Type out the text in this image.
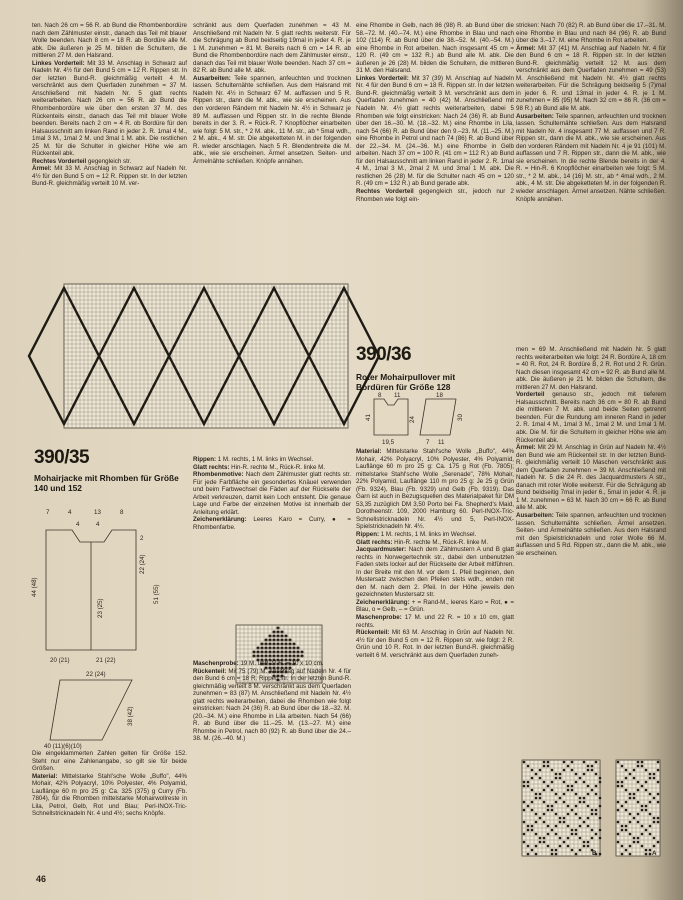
ten. Nach 26 cm = 56 R. ab Bund die Rhombenbordüre nach dem Zählmuster einstr., danach das Teil mit blauer Wolle beenden. Nach 8 cm = 18 R. ab Bordüre alle M. abk. Die äußeren je 25 M. bilden die Schultern, die mittleren 27 M. den Halsrand.

Linkes Vorderteil: Mit 33 M. Anschlag in Schwarz auf Nadeln Nr. 4½ für den Bund 5 cm = 12 R. Rippen str. In der letzten Bund-R. gleichmäßig verteilt 4 M. verschränkt aus dem Querfaden zunehmen = 37 M. Anschließend mit Nadeln Nr. 5 glatt rechts weiterarbeiten. Nach 26 cm = 56 R. ab Bund die Rhombenbordüre wie über den ersten 37 M. des Rückenteils einstr., danach das Teil mit blauer Wolle beenden. Bereits nach 2 cm = 4 R. ob Bordüre für den Halsausschnitt am linken Rand in jeder 2. R. 1mal 4 M., 1mal 3 M., 1mal 2 M. und 3mal 1 M. abk. Die restlichen 25 M. für die Schulter in gleicher Höhe wie am Rückenteil abk.

Rechtes Vorderteil gegengleich str.

Ärmel: Mit 33 M. Anschlag in Schwarz auf Nadeln Nr. 4½ für den Bund 5 cm = 12 R. Rippen str. In der letzten Bund-R. gleichmäßig verteilt 10 M. ver-

schränkt aus dem Querfaden zunehmen = 43 M. Anschließend mit Nadeln Nr. 5 glatt rechts weiterstr. Für die Schrägung ab Bund beidseitig 19mal in jeder 4. R. je 1 M. zunehmen = 81 M. Bereits nach 6 cm = 14 R. ab Bund die Rhombenbordüre nach dem Zählmuster einstr., danach das Teil mit blauer Wolle beenden. Nach 37 cm = 82 R. ab Bund alle M. abk.

Ausarbeiten: Teile spannen, anfeuchten und trocknen lassen. Schulternähte schließen. Aus dem Halsrand mit Nadeln Nr. 4½ in Schwarz 67 M. auffassen und 5 R. Rippen str., dann die M. abk., wie sie erscheinen. Aus den vorderen Rändern mit Nadeln Nr. 4½ in Schwarz je 89 M. auffassen und Rippen str. In die rechte Blende bereits in der 3. R. = Rück-R. 7 Knopflöcher einarbeiten wie folgt: 5 M. str., * 2 M. abk., 11 M. str., ab * 5mal wdh., 2 M. abk., 4 M. str. Die abgeketteten M. in der folgenden R. wieder anschlagen. Nach 5 R. Blendenbreite die M. abk., wie sie erscheinen. Ärmel ansetzen. Seiten- und Ärmelnähte schließen. Knöpfe annähen.

eine Rhombe in Gelb, nach 86 (98) R. ab Bund über die 58.–72. M. (40.–74. M.) eine Rhombe in Blau und nach 102 (114) R. ab Bund über die 38.–52. M. (40.–54. M.) eine Rhombe in Rot arbeiten. Nach insgesamt 45 cm = 120 R. (49 cm = 132 R.) ab Bund alle M. abk. Die äußeren je 26 (28) M. bilden die Schultern, die mittleren 31 M. den Halsrand.

Linkes Vorderteil: Mit 37 (39) M. Anschlag auf Nadeln Nr. 4 für den Bund 6 cm = 18 R. Rippen str. In der letzten Bund-R. gleichmäßig verteilt 3 M. verschränkt aus dem Querfaden zunehmen = 40 (42) M. Anschließend mit Nadeln Nr. 4½ glatt rechts weiterarbeiten, dabei 5 Rhomben wie folgt einstricken: Nach 24 (36) R. ab Bund über den 16.–30. M. (18.–32. M.) eine Rhombe in Lila, nach 54 (66) R. ab Bund über den 9.–23. M. (11.–25. M.) eine Rhombe in Petrol und nach 74 (86) R. ab Bund über der 22.–34. M. (24.–36. M.) eine Rhombe in Gelb arbeiten. Nach 37 cm = 100 R. (41 cm = 112 R.) ab Bund für den Halsausschnitt am linken Rand in jeder 2. R. 1mal 4 M., 1mal 3 M., 2mal 2 M. und 3mal 1 M. abk. Die restlichen 26 (28) M. für die Schulter nach 45 cm = 120 R. (49 cm = 132 R.) ab Bund gerade abk.

Rechtes Vorderteil gegengleich str., jedoch nur 2 Rhomben wie folgt ein-

stricken: Nach 70 (82) R. ab Bund über die 17.–31. M. eine Rhombe in Blau und nach 84 (96) R. ab Bund über die 3.–17. M. eine Rhombe in Rot arbeiten.

Ärmel: Mit 37 (41) M. Anschlag auf Nadeln Nr. 4 für den Bund 6 cm = 18 R. Rippen str. In der letzten Bund-R. gleichmäßig verteilt 12 M. aus dem verschränkt aus dem Querfaden zunehmen = 49 (53) M. Anschließend mit Nadeln Nr. 4½ glatt rechts weiterarbeiten. Für die Schrägung beidseitig 5 (7)mal in jeder 6. R. und 13mal in jeder 4. R. je 1 M. zunehmen = 85 (95) M. Nach 32 cm = 86 R. (36 cm = 98 R.) ab Bund alle M. abk.

Ausarbeiten: Teile spannen, anfeuchten und trocknen lassen. Schulternähte schließen. Aus dem Halsrand mit Nadeln Nr. 4 insgesamt 77 M. auffassen und 7 R. Rippen str., dann die M. abk., wie sie erscheinen. Aus den vorderen Rändern mit Nadeln Nr. 4 je 91 (101) M. auffassen und 7 R. Rippen str., dann die M. abk., wie sie erscheinen. In die rechte Blende bereits in der 4. R. = Hin-R. 6 Knopflöcher einarbeiten wie folgt: 5 M. str., * 2 M. abk., 14 (16) M. str., ab * 4mal wdh., 2 M. abk., 4 M. str. Die abgeketteten M. in der folgenden R. wieder anschlagen. Ärmel ansetzen. Nähte schließen. Knöpfe annähen.

390/35
Mohairjacke mit Rhomben für Größe 140 und 152
7	4	13	8
4	4
2
44 (48)
22 (24)
23 (25)
51 (55)
20 (21)	21 (22)
22 (24)
38 (42)
40 (11)(6)(10)

Die eingeklammerten Zahlen gelten für Größe 152. Steht nur eine Zahlenangabe, so gilt sie für beide Größen.

Material: Mittelstarke Stahl'sche Wolle „Buffo", 44% Mohair, 42% Polyacryl, 10% Polyester, 4% Polyamid, Lauflänge 60 m pro 25 g: Ca. 325 (375) g Curry (Fb. 7804), für die Rhomben mittelstarke Mohairwollreste in Lila, Petrol, Gelb, Rot und Blau; Perl-INOX-Tric-Schnellstricknadeln Nr. 4 und 4½; sechs Knöpfe.

Rippen: 1 M. rechts, 1 M. links im Wechsel.

Glatt rechts: Hin-R. rechte M., Rück-R. linke M.

Rhombenmotive: Nach dem Zählmuster glatt rechts str. Für jede Farbfläche ein gesondertes Knäuel verwenden und beim Farbwechsel die Fäden auf der Rückseite der Arbeit verkreuzen, damit kein Loch entsteht. Die genaue Lage und Farbe der einzelnen Motive ist innerhalb der Anleitung erklärt.

Zeichenerklärung: Leeres Karo = Curry, ● = Rhombenfarbe.

Maschenprobe: 19 M. und 27 R. = 10 x 10 cm.

Rückenteil: Mit 75 (79) M. Anschlag auf Nadeln Nr. 4 für den Bund 6 cm = 18 R. Rippen str. In der letzten Bund-R. gleichmäßig verteilt 8 M. verschränkt aus dem Querfaden zunehmen = 83 (87) M. Anschließend mit Nadeln Nr. 4½ glatt rechts weiterarbeiten, dabei die Rhomben wie folgt einstricken: Nach 24 (36) R. ab Bund über die 18.–32. M. (20.–34. M.) eine Rhombe in Lila arbeiten. Nach 54 (66) R. ab Bund über die 11.–25. M. (13.–27. M.) eine Rhombe in Petrol, nach 80 (92) R. ab Bund über die 24.–38. M. (26.–40. M.)

390/36
Roter Mohairpullover mit Bordüren für Größe 128
8 11	18
41	24	30
19,5	7 11

Material: Mittelstarke Stahl'sche Wolle „Buffo", 44% Mohair, 42% Polyacryl, 10% Polyester, 4% Polyamid, Lauflänge 60 m pro 25 g: Ca. 175 g Rot (Fb. 7805); mittelstarke Stahl'sche Wolle „Serenade", 78% Mohair, 22% Polyamid, Lauflänge 110 m pro 25 g: Je 25 g Grün (Fb. 9324), Blau (Fb. 9329) und Gelb (Fb. 9319). Das Garn ist auch in Bezugsquellen des Materialpaket für DM 53,35 zuzüglich DM 3,50 Porto bei Fa. Shepherd's Maid, Dorotheenstr. 109, 2000 Hamburg 60. Perl-INOX-Tric-Schnellstricknadeln Nr. 4½ und 5, Perl-INOX-Spielstricknadeln Nr. 4½.

Rippen: 1 M. rechts, 1 M. links im Wechsel.

Glatt rechts: Hin-R. rechte M., Rück-R. linke M.

Jacquardmuster: Nach dem Zählmustern A und B glatt rechts in Norwegertechnik str., dabei den unbenutzten Faden stets locker auf der Rückseite der Arbeit mitführen. In der Breite mit den M. vor dem 1. Pfeil beginnen, den Mustersatz zwischen den Pfeilen stets wdh., enden mit den M. nach dem 2. Pfeil. In der Höhe jeweils den gezeichneten Mustersatz str.

Zeichenerklärung: + = Rand-M., leeres Karo = Rot, ● = Blau, o = Gelb, – = Grün.

Maschenprobe: 17 M. und 22 R. = 10 x 10 cm, glatt rechts.

Rückenteil: Mit 63 M. Anschlag in Grün auf Nadeln Nr. 4½ für den Bund 5 cm = 12 R. Rippen str. wie folgt: 2 R. Grün und 10 R. Rot. In der letzten Bund-R. gleichmäßig verteilt 6 M. verschränkt aus dem Querfaden zuneh-

men = 69 M. Anschließend mit Nadeln Nr. 5 glatt rechts weiterarbeiten wie folgt: 24 R. Bordüre A, 18 cm = 40 R. Rot, 24 R. Bordüre B, 2 R. Rot und 2 R. Grün. Nach diesen insgesamt 42 cm = 92 R. ab Bund alle M. abk. Die äußeren je 21 M. bilden die Schultern, die mittleren 27 M. den Halsrand.

Vorderteil genauso str., jedoch mit tieferem Halsausschnitt. Bereits nach 36 cm = 80 R. ab Bund die mittleren 7 M. abk. und beide Seiten getrennt beenden. Für die Rundung am inneren Rand in jeder 2. R. 1mal 4 M., 1mal 3 M., 1mal 2 M. und 1mal 1 M. abk. Die M. für die Schultern in gleicher Höhe wie am Rückenteil abk.

Ärmel: Mit 29 M. Anschlag in Grün auf Nadeln Nr. 4½ den Bund wie am Rückenteil str. In der letzten Bund-R. gleichmäßig verteilt 10 Maschen verschränkt aus dem Querfaden zunehmen = 39 M. Anschließend mit Nadeln Nr. 5 die 24 R. des Jacquardmusters A str., danach mit roter Wolle weiterstr. Für die Schrägung ab Bund beidseitig 7mal in jeder 6., 5mal in jeder 4. R. je 1 M. zunehmen = 63 M. Nach 30 cm = 66 R. ab Bund alle M. abk.

Ausarbeiten: Teile spannen, anfeuchten und trocknen lassen. Schulternähte schließen. Ärmel ansetzen. Seiten- und Ärmelnähte schließen. Aus dem Halsrand mit den Spielstricknadeln und roter Wolle 66 M. auffassen und 5 Rd. Rippen str., dann die M. abk., wie sie erscheinen.

B	A
46
